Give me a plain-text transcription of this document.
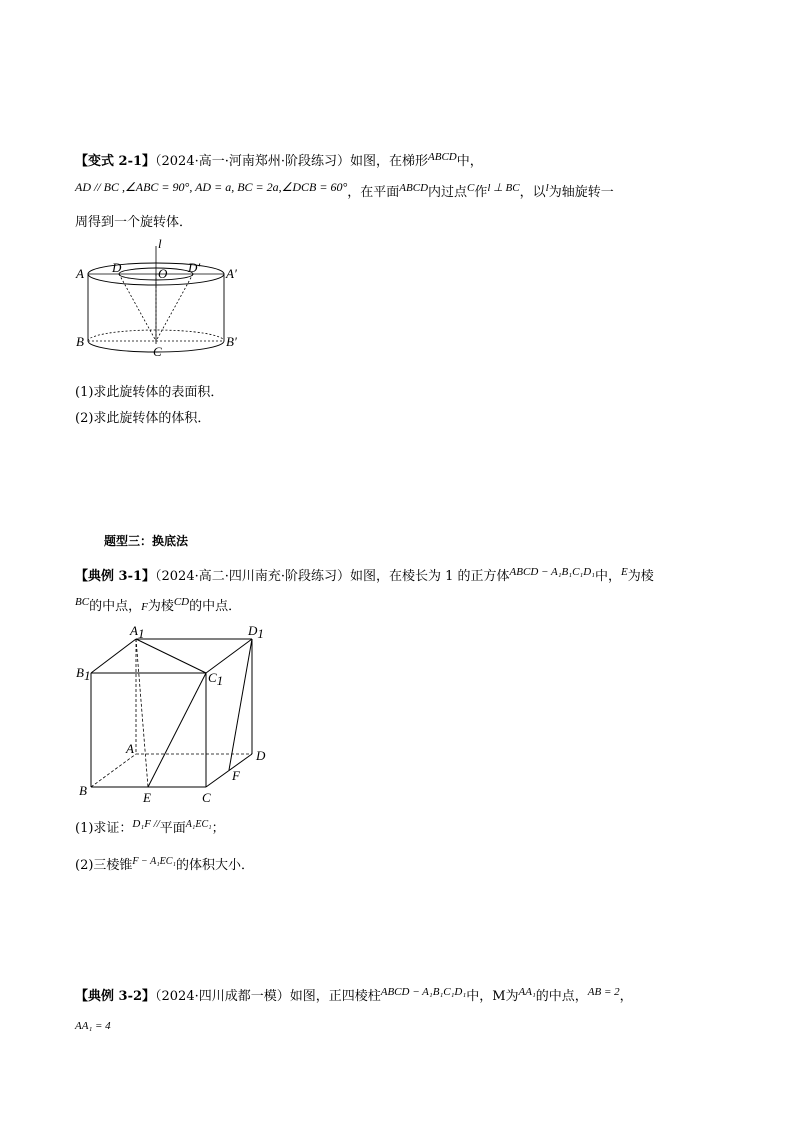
【变式 2-1】（2024·高一·河南郑州·阶段练习）如图，在梯形$^{ABCD}$中，
AD // BC ,∠ABC = 90°, AD = a, BC = 2a,∠DCB = 60°，在平面$^{ABCD}$内过点$^C$作$^{l \perp BC}$，以$^l$为轴旋转一
周得到一个旋转体．
l
A D	O D′ A′
B	B′
C
(1)求此旋转体的表面积．
(2)求此旋转体的体积．
题型三：换底法
【典例 3-1】（2024·高二·四川南充·阶段练习）如图，在棱长为 1 的正方体$^{ABCD - A_1B_1C_1D_1}$中，$^E$为棱
$^{BC}$的中点，F为棱$^{CD}$的中点．
A1	D1
B1	C1
A	D
B	E	C
F
(1)求证：$^{D_1F //}$平面$^{A_1EC_1}$；
(2)三棱锥$^{F - A_1EC_1}$的体积大小．
【典例 3-2】（2024·四川成都一模）如图，正四棱柱$^{ABCD - A_1B_1C_1D_1}$中，M为$^{AA_1}$的中点，$^{AB = 2}$，
AA₁ = 4
